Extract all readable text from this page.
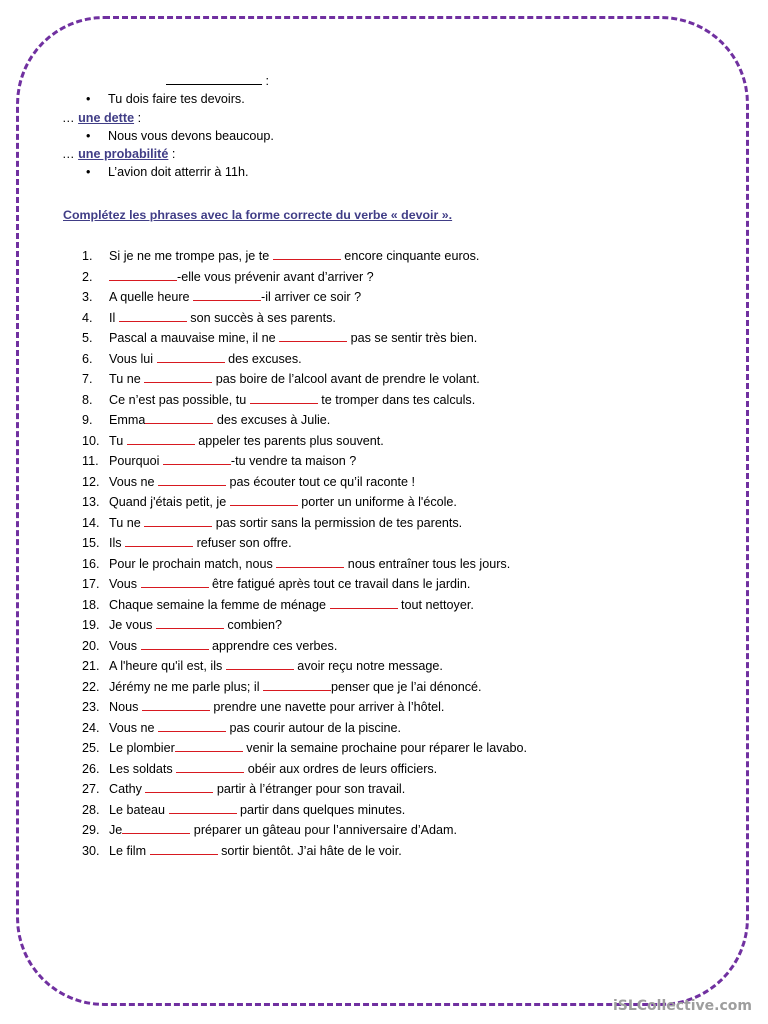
:
• Tu dois faire tes devoirs.
… une dette :
• Nous vous devons beaucoup.
… une probabilité :
• L’avion doit atterrir à 11h.
Complétez les phrases avec la forme correcte du verbe « devoir ».
1. Si je ne me trompe pas, je te	encore cinquante euros.
2.	-elle vous prévenir avant d’arriver ?
3. A quelle heure	-il arriver ce soir ?
4. Il	son succès à ses parents.
5. Pascal a mauvaise mine, il ne	pas se sentir très bien.
6. Vous lui	des excuses.
7. Tu ne	pas boire de l’alcool avant de prendre le volant.
8. Ce n’est pas possible, tu	te tromper dans tes calculs.
9. Emma	des excuses à Julie.
10. Tu	appeler tes parents plus souvent.
11. Pourquoi	-tu vendre ta maison ?
12. Vous ne	pas écouter tout ce qu’il raconte !
13. Quand j'étais petit, je	porter un uniforme à l'école.
14. Tu ne	pas sortir sans la permission de tes parents.
15. Ils	refuser son offre.
16. Pour le prochain match, nous	nous entraîner tous les jours.
17. Vous	être fatigué après tout ce travail dans le jardin.
18. Chaque semaine la femme de ménage	tout nettoyer.
19. Je vous	combien?
20. Vous	apprendre ces verbes.
21. A l'heure qu'il est, ils	avoir reçu notre message.
22. Jérémy ne me parle plus; il	penser que je l’ai dénoncé.
23. Nous	prendre une navette pour arriver à l’hôtel.
24. Vous ne	pas courir autour de la piscine.
25. Le plombier	venir la semaine prochaine pour réparer le lavabo.
26. Les soldats	obéir aux ordres de leurs officiers.
27. Cathy	partir à l’étranger pour son travail.
28. Le bateau	partir dans quelques minutes.
29. Je	préparer un gâteau pour l’anniversaire d’Adam.
30. Le film	sortir bientôt. J’ai hâte de le voir.
iSLCollective.com
